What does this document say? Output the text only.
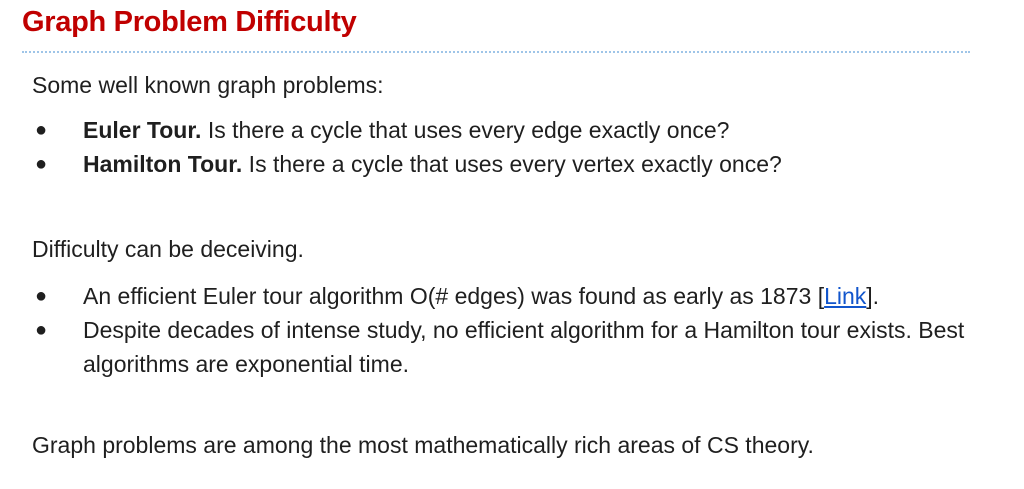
Graph Problem Difficulty

Some well known graph problems:

● Euler Tour. Is there a cycle that uses every edge exactly once?
● Hamilton Tour. Is there a cycle that uses every vertex exactly once?

Difficulty can be deceiving.

● An efficient Euler tour algorithm O(# edges) was found as early as 1873 [Link].
● Despite decades of intense study, no efficient algorithm for a Hamilton tour exists. Best algorithms are exponential time.

Graph problems are among the most mathematically rich areas of CS theory.
